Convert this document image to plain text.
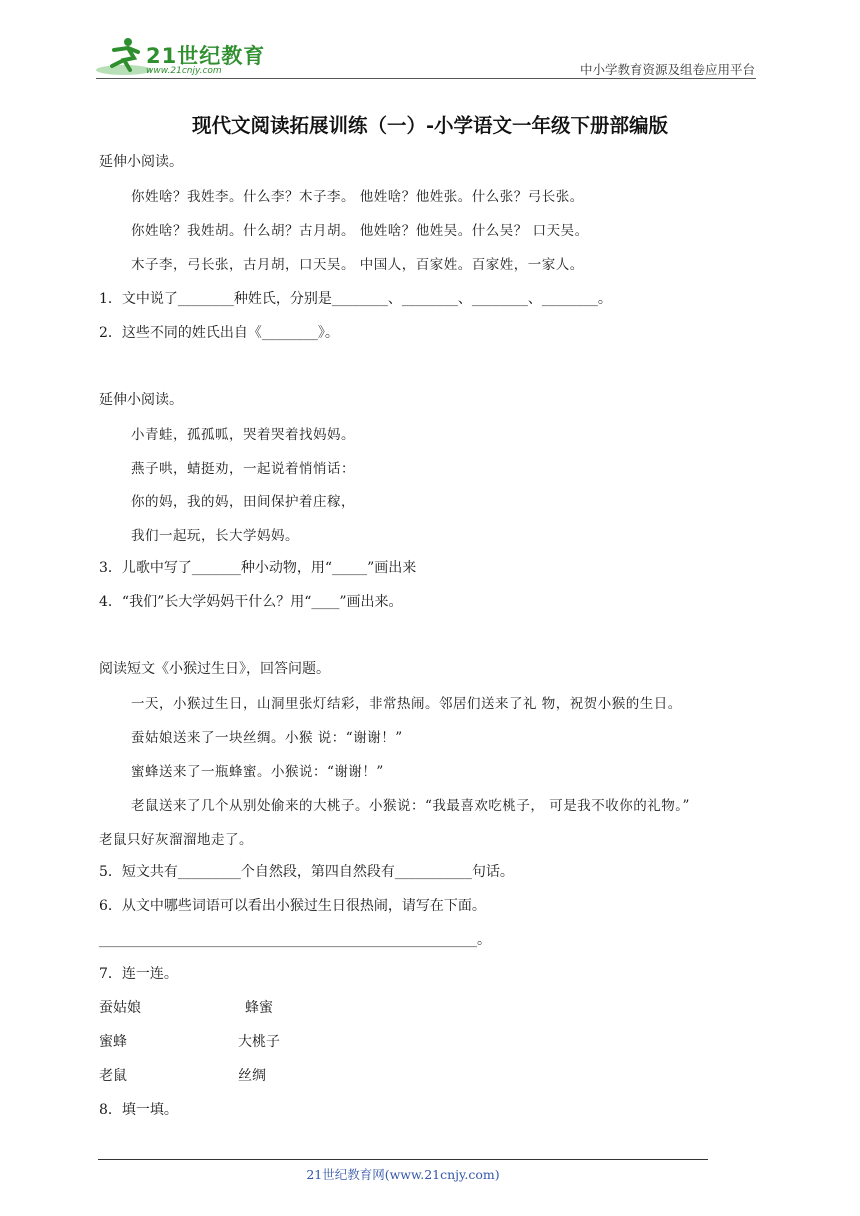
21世纪教育
www.21cnjy.com	中小学教育资源及组卷应用平台
现代文阅读拓展训练（一）-小学语文一年级下册部编版
延伸小阅读。
你姓啥？我姓李。什么李？木子李。 他姓啥？他姓张。什么张？弓长张。
你姓啥？我姓胡。什么胡？古月胡。 他姓啥？他姓吴。什么吴？ 口天吴。
木子李，弓长张，古月胡，口天吴。 中国人，百家姓。百家姓，一家人。
1．文中说了________种姓氏，分别是________、________、________、________。
2．这些不同的姓氏出自《________》。
延伸小阅读。
小青蛙，孤孤呱，哭着哭着找妈妈。
燕子哄，蜻挺劝，一起说着悄悄话：
你的妈，我的妈，田间保护着庄稼，
我们一起玩，长大学妈妈。
3．儿歌中写了_______种小动物，用“_____”画出来
4．“我们”长大学妈妈干什么？用“____”画出来。
阅读短文《小猴过生日》，回答问题。
一天，小猴过生日，山洞里张灯结彩，非常热闹。邻居们送来了礼 物，祝贺小猴的生日。
蚕姑娘送来了一块丝绸。小猴 说：“谢谢！”
蜜蜂送来了一瓶蜂蜜。小猴说：“谢谢！”
老鼠送来了几个从别处偷来的大桃子。小猴说：“我最喜欢吃桃子， 可是我不收你的礼物。”
老鼠只好灰溜溜地走了。
5．短文共有_________个自然段，第四自然段有___________句话。
6．从文中哪些词语可以看出小猴过生日很热闹，请写在下面。
______________________________________________________。
7．连一连。
蚕姑娘	蜂蜜
蜜蜂	大桃子
老鼠	丝绸
8．填一填。
21世纪教育网(www.21cnjy.com)
